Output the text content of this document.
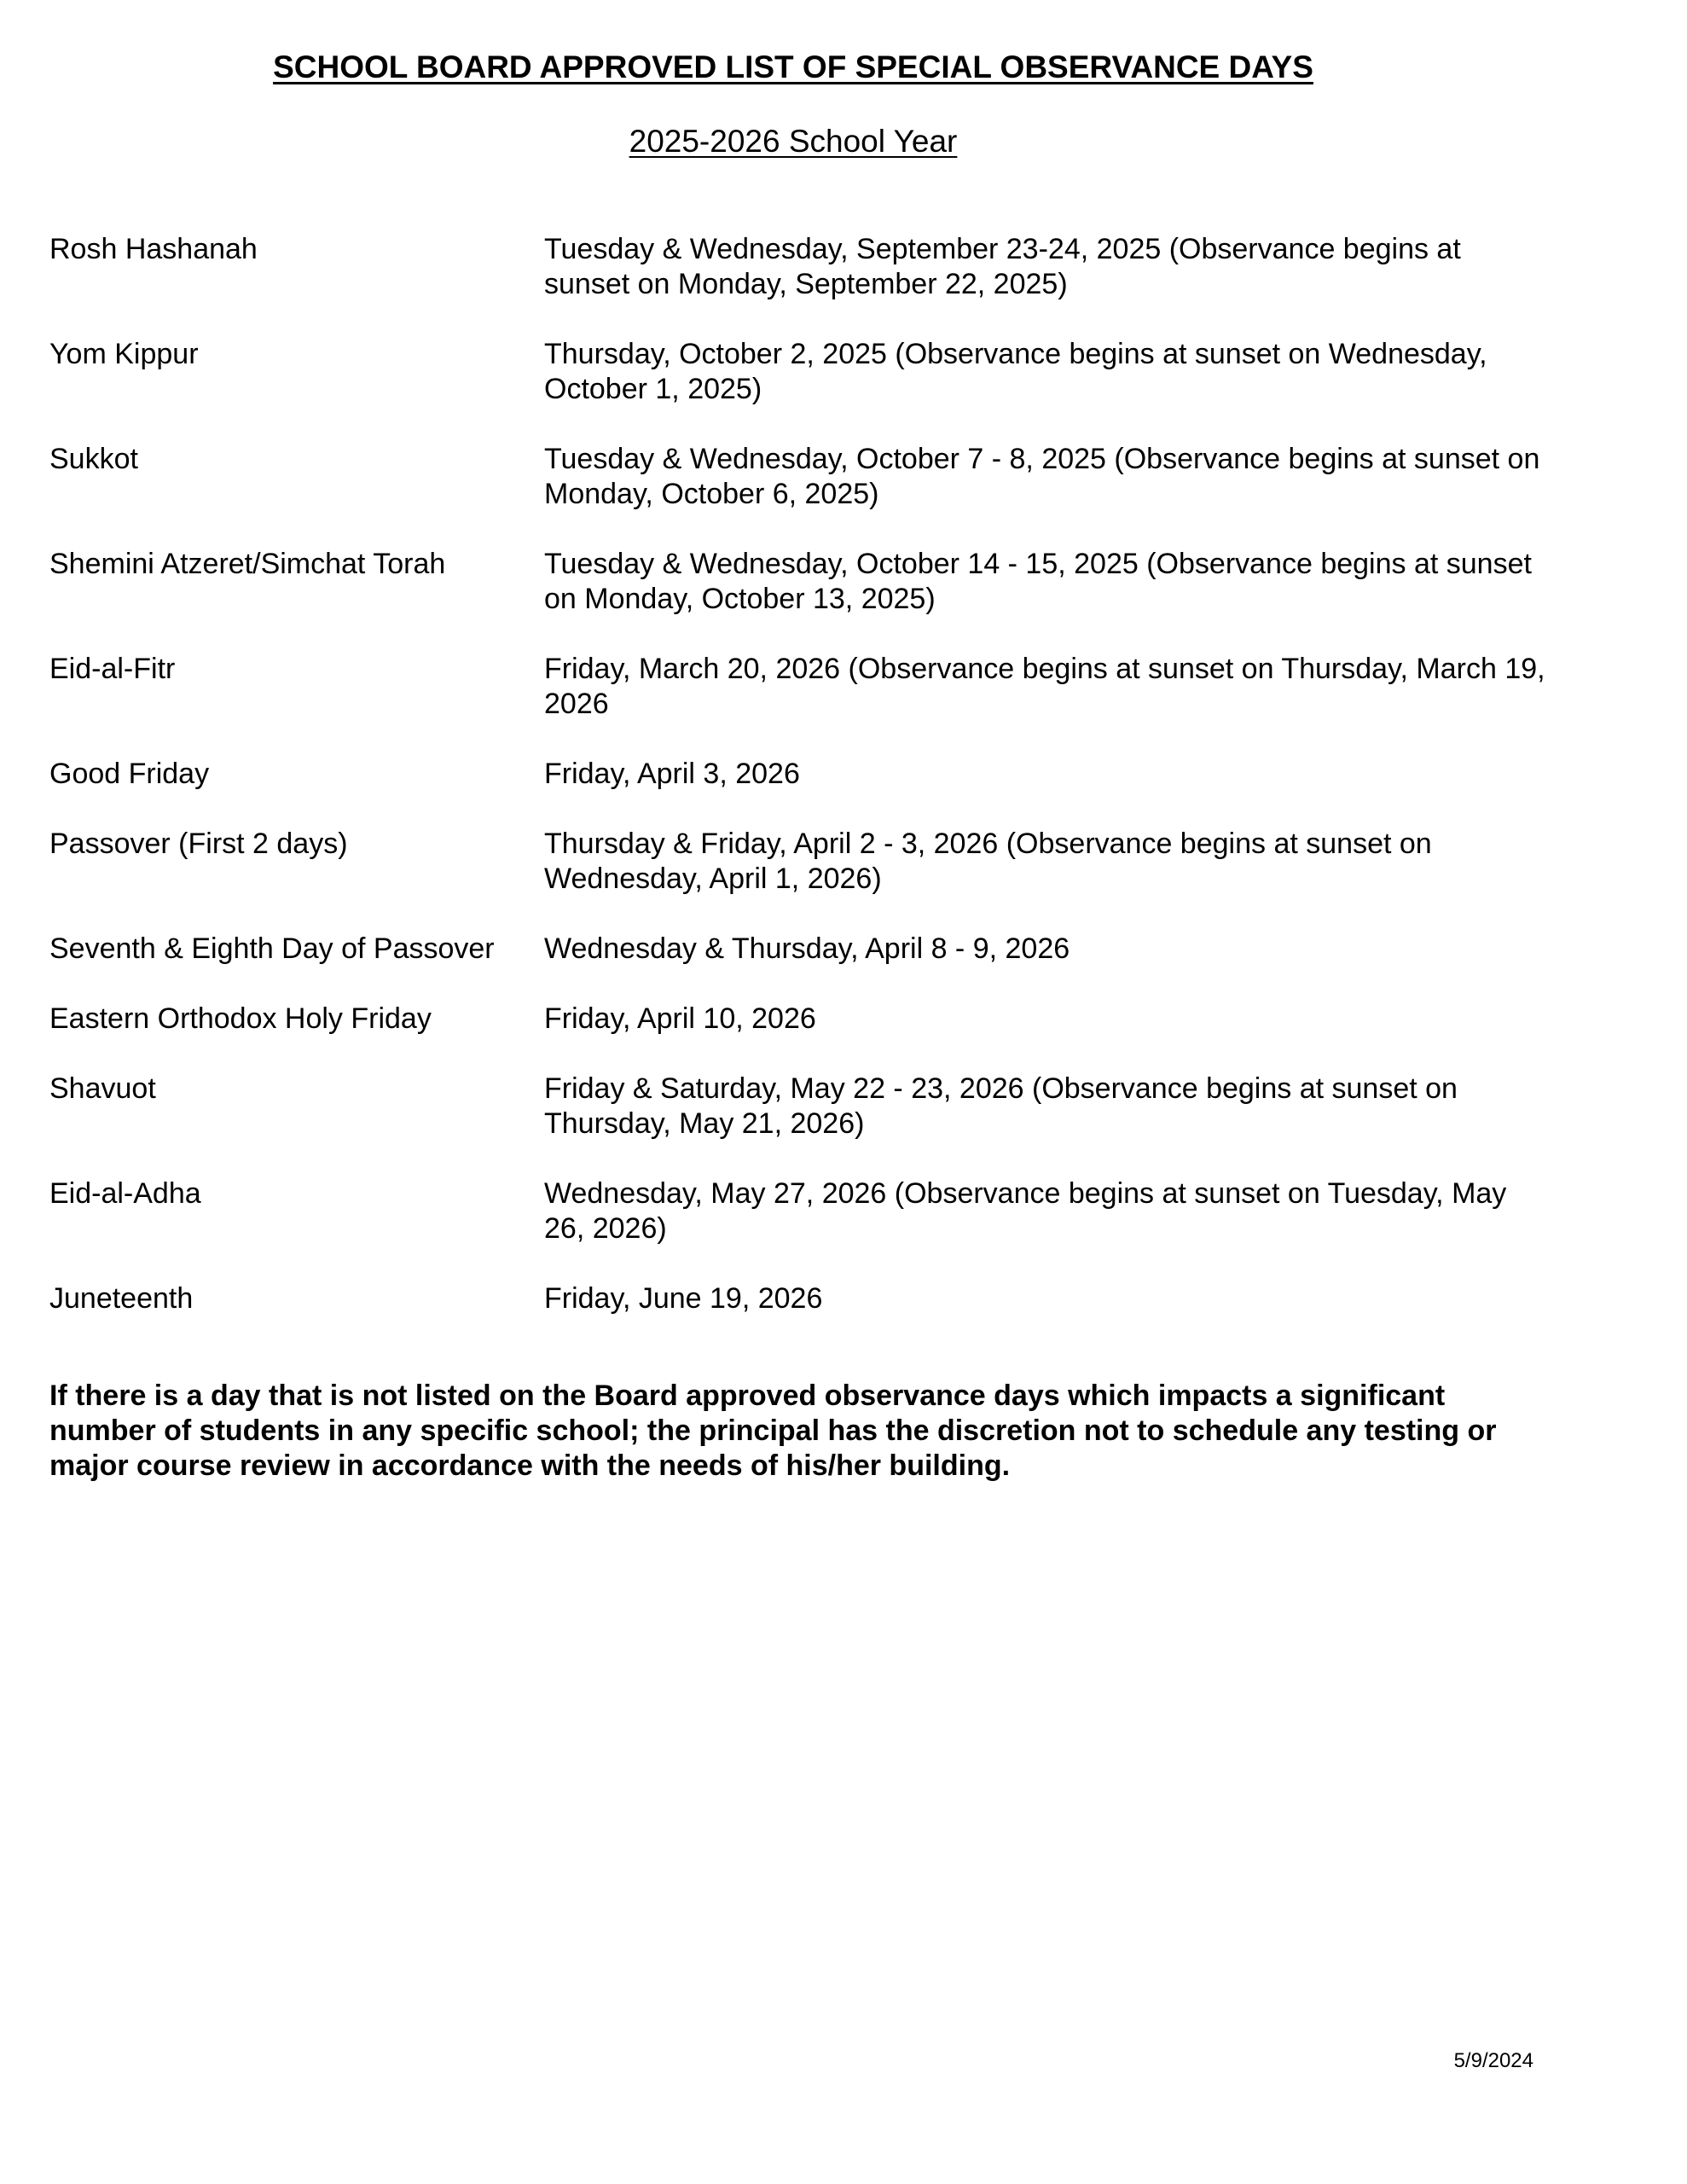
SCHOOL BOARD APPROVED LIST OF SPECIAL OBSERVANCE DAYS
2025-2026 School Year
Rosh Hashanah	Tuesday & Wednesday, September 23-24, 2025 (Observance begins at sunset on Monday, September 22, 2025)
Yom Kippur	Thursday, October 2, 2025 (Observance begins at sunset on Wednesday, October 1, 2025)
Sukkot	Tuesday & Wednesday, October 7 - 8, 2025 (Observance begins at sunset on Monday, October 6, 2025)
Shemini Atzeret/Simchat Torah	Tuesday & Wednesday, October 14 - 15, 2025 (Observance begins at sunset on Monday, October 13, 2025)
Eid-al-Fitr	Friday, March 20, 2026 (Observance begins at sunset on Thursday, March 19, 2026
Good Friday	Friday, April 3, 2026
Passover (First 2 days)	Thursday & Friday, April 2 - 3, 2026 (Observance begins at sunset on Wednesday, April 1, 2026)
Seventh & Eighth Day of Passover	Wednesday & Thursday, April 8 - 9, 2026
Eastern Orthodox Holy Friday	Friday, April 10, 2026
Shavuot	Friday & Saturday, May 22 - 23, 2026 (Observance begins at sunset on Thursday, May 21, 2026)
Eid-al-Adha	Wednesday, May 27, 2026 (Observance begins at sunset on Tuesday, May 26, 2026)
Juneteenth	Friday, June 19, 2026
If there is a day that is not listed on the Board approved observance days which impacts a significant number of students in any specific school; the principal has the discretion not to schedule any testing or major course review in accordance with the needs of his/her building.
5/9/2024
